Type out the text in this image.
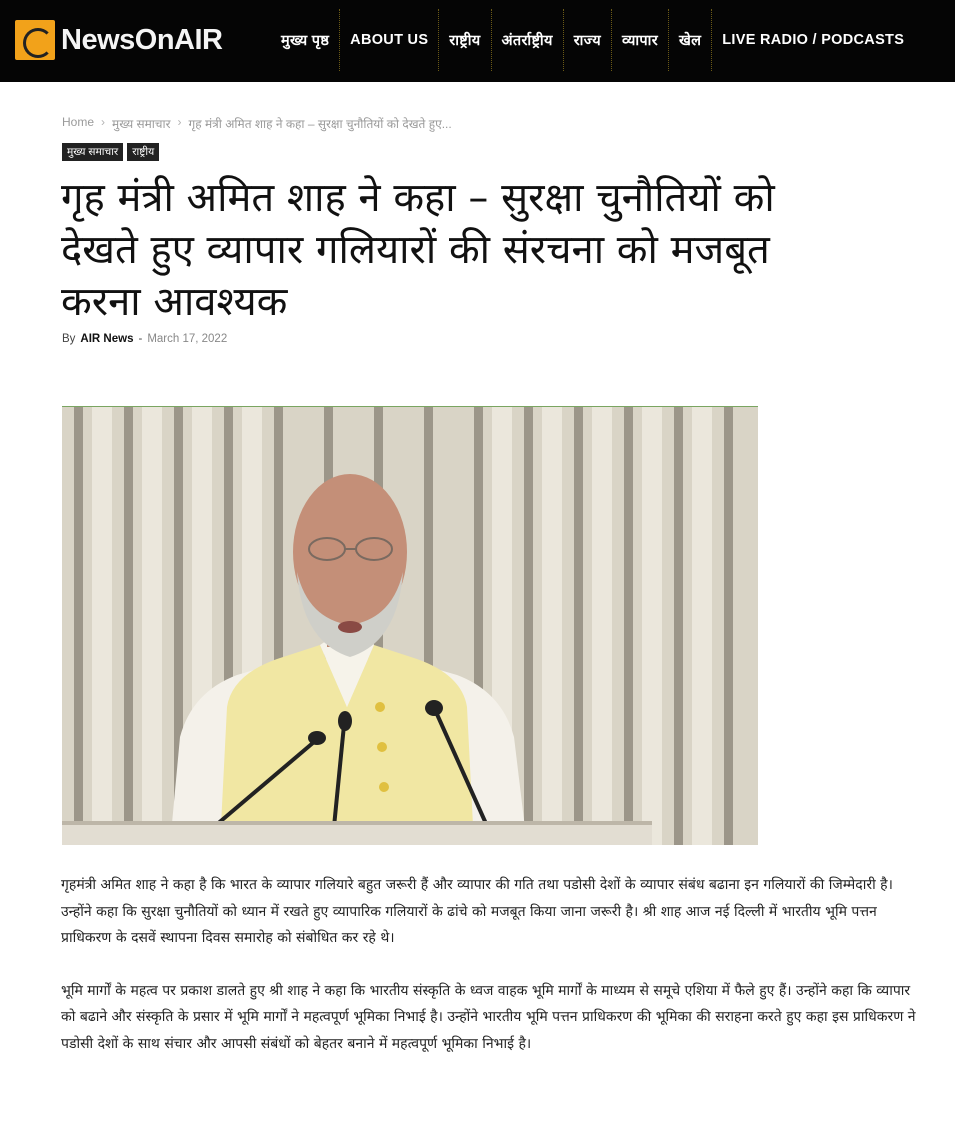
NewsOnAIR	मुख्य पृष्ठ	ABOUT US	राष्ट्रीय	अंतर्राष्ट्रीय	राज्य	व्यापार	खेल	LIVE RADIO / PODCASTS
Home › मुख्य समाचार › गृह मंत्री अमित शाह ने कहा – सुरक्षा चुनौतियों को देखते हुए...
मुख्य समाचार	राष्ट्रीय
गृह मंत्री अमित शाह ने कहा – सुरक्षा चुनौतियों को देखते हुए व्यापार गलियारों की संरचना को मजबूत करना आवश्यक
By AIR News - March 17, 2022

गृहमंत्री अमित शाह ने कहा है कि भारत के व्यापार गलियारे बहुत जरूरी हैं और व्यापार की गति तथा पडोसी देशों के व्यापार संबंध बढाना इन गलियारों की जिम्मेदारी है। उन्होंने कहा कि सुरक्षा चुनौतियों को ध्यान में रखते हुए व्यापारिक गलियारों के ढांचे को मजबूत किया जाना जरूरी है। श्री शाह आज नई दिल्ली में भारतीय भूमि पत्तन प्राधिकरण के दसवें स्थापना दिवस समारोह को संबोधित कर रहे थे।

भूमि मार्गों के महत्व पर प्रकाश डालते हुए श्री शाह ने कहा कि भारतीय संस्कृति के ध्वज वाहक भूमि मार्गों के माध्यम से समूचे एशिया में फैले हुए हैं। उन्होंने कहा कि व्यापार को बढाने और संस्कृति के प्रसार में भूमि मार्गों ने महत्वपूर्ण भूमिका निभाई है। उन्होंने भारतीय भूमि पत्तन प्राधिकरण की भूमिका की सराहना करते हुए कहा इस प्राधिकरण ने पडोसी देशों के साथ संचार और आपसी संबंधों को बेहतर बनाने में महत्वपूर्ण भूमिका निभाई है।
